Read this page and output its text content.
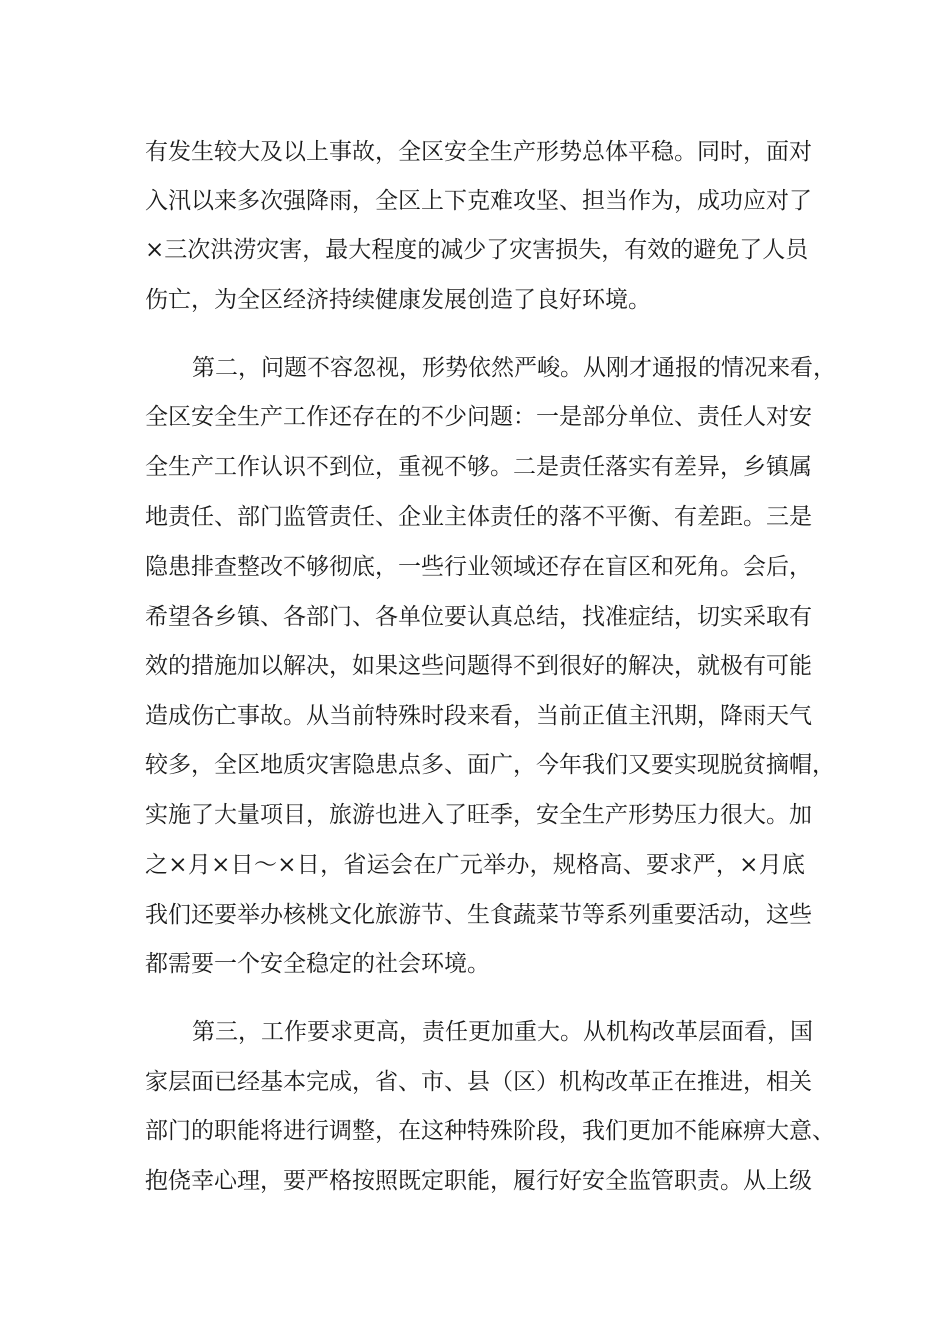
有发生较大及以上事故，全区安全生产形势总体平稳。同时，面对
入汛以来多次强降雨，全区上下克难攻坚、担当作为，成功应对了
×三次洪涝灾害，最大程度的减少了灾害损失，有效的避免了人员
伤亡，为全区经济持续健康发展创造了良好环境。
第二，问题不容忽视，形势依然严峻。从刚才通报的情况来看，
全区安全生产工作还存在的不少问题：一是部分单位、责任人对安
全生产工作认识不到位，重视不够。二是责任落实有差异，乡镇属
地责任、部门监管责任、企业主体责任的落不平衡、有差距。三是
隐患排查整改不够彻底，一些行业领域还存在盲区和死角。会后，
希望各乡镇、各部门、各单位要认真总结，找准症结，切实采取有
效的措施加以解决，如果这些问题得不到很好的解决，就极有可能
造成伤亡事故。从当前特殊时段来看，当前正值主汛期，降雨天气
较多，全区地质灾害隐患点多、面广，今年我们又要实现脱贫摘帽，
实施了大量项目，旅游也进入了旺季，安全生产形势压力很大。加
之×月×日～×日，省运会在广元举办，规格高、要求严，×月底
我们还要举办核桃文化旅游节、生食蔬菜节等系列重要活动，这些
都需要一个安全稳定的社会环境。
第三，工作要求更高，责任更加重大。从机构改革层面看，国
家层面已经基本完成，省、市、县（区）机构改革正在推进，相关
部门的职能将进行调整，在这种特殊阶段，我们更加不能麻痹大意、
抱侥幸心理，要严格按照既定职能，履行好安全监管职责。从上级
